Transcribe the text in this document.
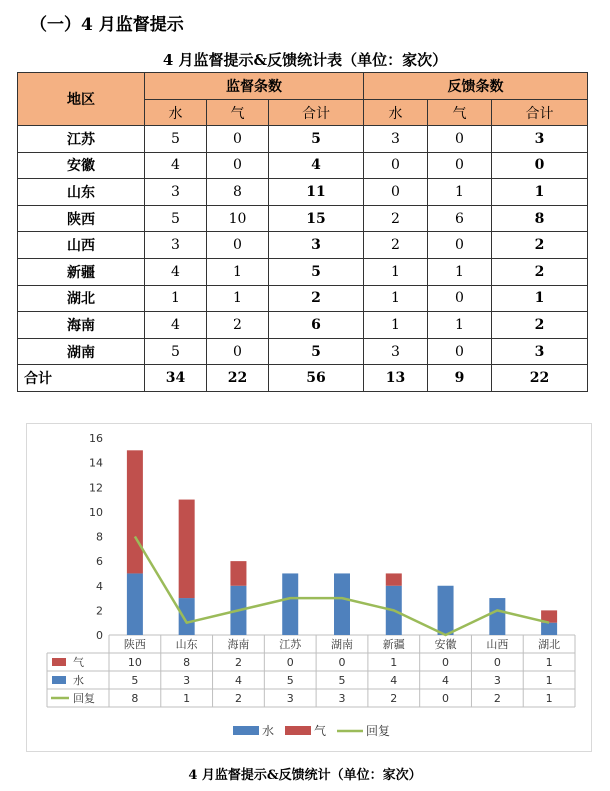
（一）4 月监督提示
4 月监督提示&反馈统计表（单位：家次）
地区	监督条数			反馈条数		
	水	气	合计	水	气	合计
江苏	5	0	5	3	0	3
安徽	4	0	4	0	0	0
山东	3	8	11	0	1	1
陕西	5	10	15	2	6	8
山西	3	0	3	2	0	2
新疆	4	1	5	1	1	2
湖北	1	1	2	1	0	1
海南	4	2	6	1	1	2
湖南	5	0	5	3	0	3
合计	34	22	56	13	9	22
0
2
4
6
8
10
12
14
16
陕西	山东	海南	江苏	湖南	新疆	安徽	山西	湖北
气	10	8	2	0	0	1	0	0	1
水	5	3	4	5	5	4	4	3	1
回复	8	1	2	3	3	2	0	2	1
水	气	回复
4 月监督提示&反馈统计（单位：家次）
